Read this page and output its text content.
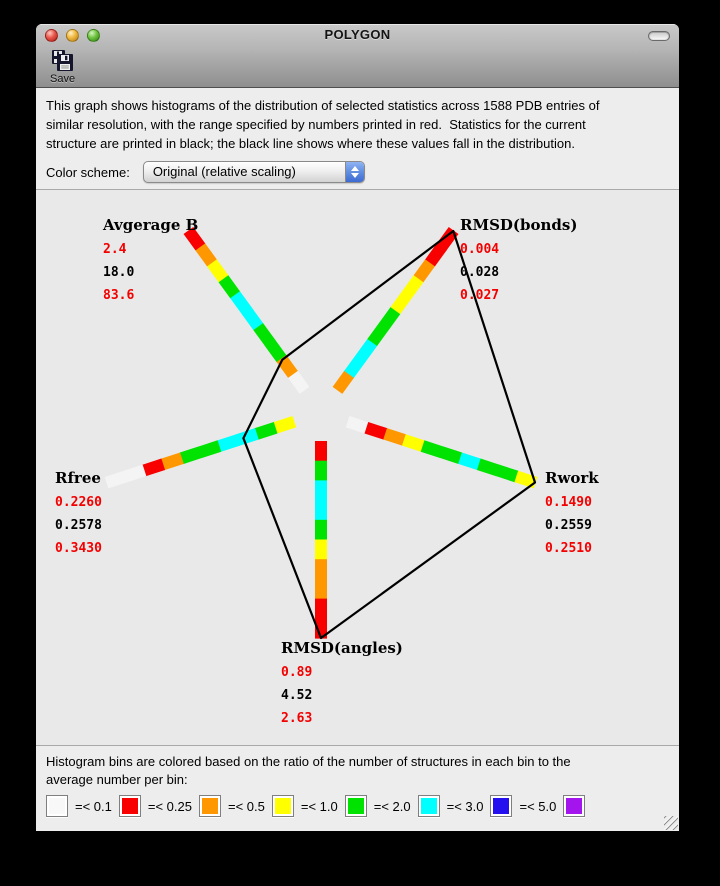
POLYGON
Save
This graph shows histograms of the distribution of selected statistics across 1588 PDB entries of
similar resolution, with the range specified by numbers printed in red.  Statistics for the current
structure are printed in black; the black line shows where these values fall in the distribution.
Color scheme:	Original (relative scaling)
Avgerage B
2.4
18.0
83.6
RMSD(bonds)
0.004
0.028
0.027
Rwork
0.1490
0.2559
0.2510
RMSD(angles)
0.89
4.52
2.63
Rfree
0.2260
0.2578
0.3430
Histogram bins are colored based on the ratio of the number of structures in each bin to the
average number per bin:
=< 0.1	=< 0.25	=< 0.5	=< 1.0	=< 2.0	=< 3.0	=< 5.0
